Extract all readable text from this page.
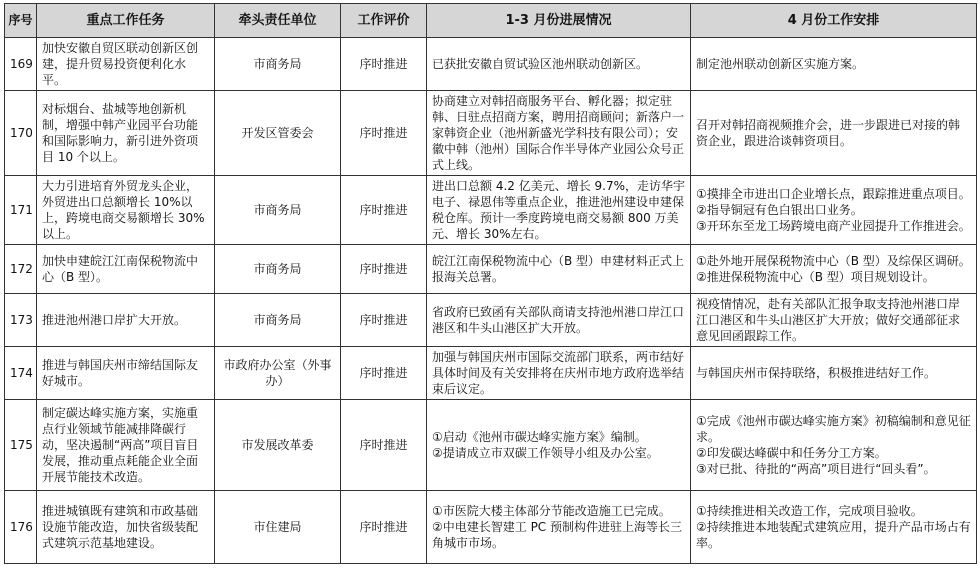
序号	重点工作任务	牵头责任单位	工作评价	1-3 月份进展情况	4 月份工作安排
169	加快安徽自贸区联动创新区创建，提升贸易投资便利化水平。	市商务局	序时推进	已获批安徽自贸试验区池州联动创新区。	制定池州联动创新区实施方案。

170	对标烟台、盐城等地创新机制，增强中韩产业园平台功能和国际影响力，新引进外资项目 10 个以上。	开发区管委会	序时推进	协商建立对韩招商服务平台、孵化器；拟定驻韩、日驻点招商方案，聘用招商顾问；新落户一家韩资企业（池州新盛光学科技有限公司）；安徽中韩（池州）国际合作半导体产业园公众号正式上线。	召开对韩招商视频推介会，进一步跟进已对接的韩资企业，跟进洽谈韩资项目。

171	大力引进培育外贸龙头企业，外贸进出口总额增长 10%以上，跨境电商交易额增长 30%以上。	市商务局	序时推进	进出口总额 4.2 亿美元、增长 9.7%，走访华宇电子、禄恩伟等重点企业，推进池州建设申建保税仓库。预计一季度跨境电商交易额 800 万美元、增长 30%左右。	①摸排全市进出口企业增长点，跟踪推进重点项目。
②指导铜冠有色白银出口业务。
③开环东至龙工场跨境电商产业园提升工作推进会。

172	加快申建皖江江南保税物流中心（B 型）。	市商务局	序时推进	皖江江南保税物流中心（B 型）申建材料正式上报海关总署。	①赴外地开展保税物流中心（B 型）及综保区调研。
②推进保税物流中心（B 型）项目规划设计。

173	推进池州港口岸扩大开放。	市商务局	序时推进	省政府已致函有关部队商请支持池州港口岸江口港区和牛头山港区扩大开放。	视疫情情况，赴有关部队汇报争取支持池州港口岸江口港区和牛头山港区扩大开放；做好交通部征求意见回函跟踪工作。

174	推进与韩国庆州市缔结国际友好城市。	市政府办公室（外事办）	序时推进	加强与韩国庆州市国际交流部门联系，两市结好具体时间及有关安排将在庆州市地方政府选举结束后议定。	与韩国庆州市保持联络，积极推进结好工作。

175	制定碳达峰实施方案，实施重点行业领域节能减排降碳行动，坚决遏制“两高”项目盲目发展，推动重点耗能企业全面开展节能技术改造。	市发展改革委	序时推进	①启动《池州市碳达峰实施方案》编制。
②提请成立市双碳工作领导小组及办公室。	①完成《池州市碳达峰实施方案》初稿编制和意见征求。
②印发碳达峰碳中和任务分工方案。
③对已批、待批的“两高”项目进行“回头看”。

176	推进城镇既有建筑和市政基础设施节能改造，加快省级装配式建筑示范基地建设。	市住建局	序时推进	①市医院大楼主体部分节能改造施工已完成。
②中电建长智建工 PC 预制构件进驻上海等长三角城市市场。	①持续推进相关改造工作，完成项目验收。
②持续推进本地装配式建筑应用，提升产品市场占有率。
